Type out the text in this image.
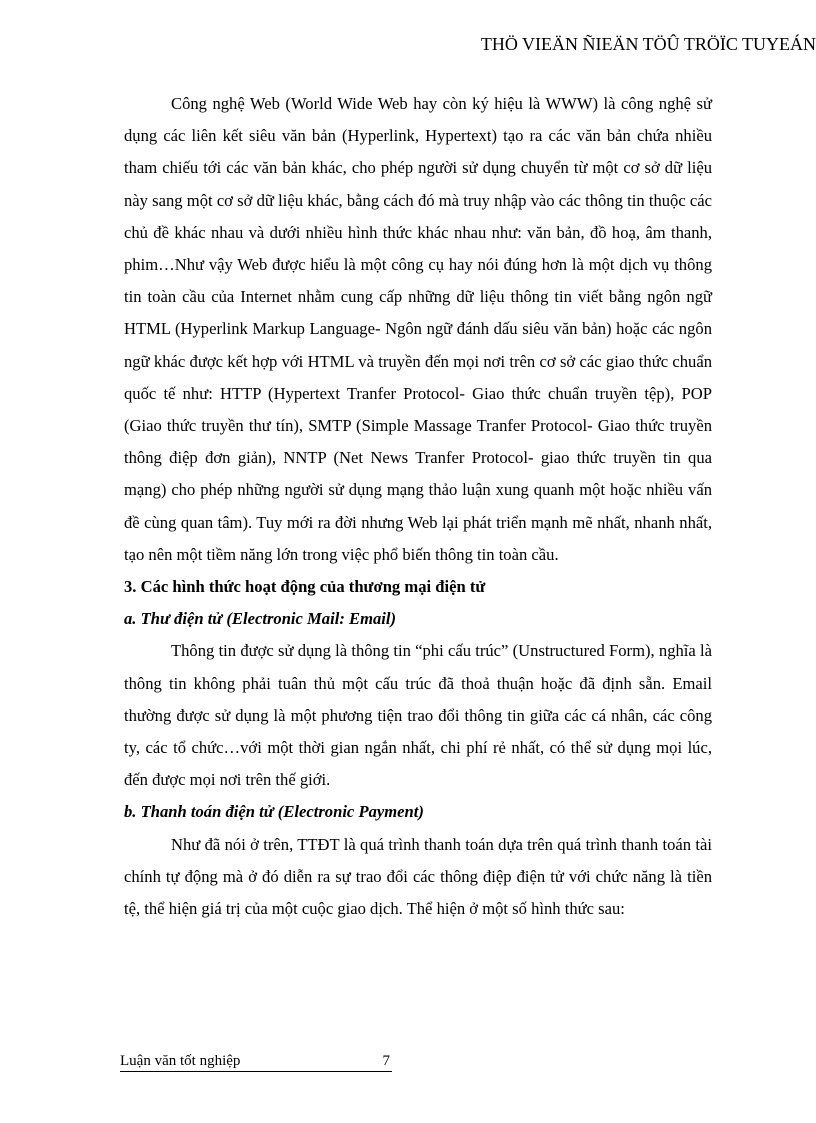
THÖ VIEÄN ÑIEÄN TÖÛ TRÖÏC TUYEÁN

Công nghệ Web (World Wide Web hay còn ký hiệu là WWW) là công nghệ sử dụng các liên kết siêu văn bản (Hyperlink, Hypertext) tạo ra các văn bản chứa nhiều tham chiếu tới các văn bản khác, cho phép người sử dụng chuyển từ một cơ sở dữ liệu này sang một cơ sở dữ liệu khác, bằng cách đó mà truy nhập vào các thông tin thuộc các chủ đề khác nhau và dưới nhiều hình thức khác nhau như: văn bản, đồ hoạ, âm thanh, phim…Như vậy Web được hiểu là một công cụ hay nói đúng hơn là một dịch vụ thông tin toàn cầu của Internet nhằm cung cấp những dữ liệu thông tin viết bằng ngôn ngữ HTML (Hyperlink Markup Language- Ngôn ngữ đánh dấu siêu văn bản) hoặc các ngôn ngữ khác được kết hợp với HTML và truyền đến mọi nơi trên cơ sở các giao thức chuẩn quốc tế như: HTTP (Hypertext Tranfer Protocol- Giao thức chuẩn truyền tệp), POP (Giao thức truyền thư tín), SMTP (Simple Massage Tranfer Protocol- Giao thức truyền thông điệp đơn giản), NNTP (Net News Tranfer Protocol- giao thức truyền tin qua mạng) cho phép những người sử dụng mạng thảo luận xung quanh một hoặc nhiều vấn đề cùng quan tâm). Tuy mới ra đời nhưng Web lại phát triển mạnh mẽ nhất, nhanh nhất, tạo nên một tiềm năng lớn trong việc phổ biến thông tin toàn cầu.

3. Các hình thức hoạt động của thương mại điện tử
a. Thư điện tử (Electronic Mail: Email)

Thông tin được sử dụng là thông tin “phi cấu trúc” (Unstructured Form), nghĩa là thông tin không phải tuân thủ một cấu trúc đã thoả thuận hoặc đã định sẵn. Email thường được sử dụng là một phương tiện trao đổi thông tin giữa các cá nhân, các công ty, các tổ chức…với một thời gian ngắn nhất, chi phí rẻ nhất, có thể sử dụng mọi lúc, đến được mọi nơi trên thế giới.

b. Thanh toán điện tử (Electronic Payment)

Như đã nói ở trên, TTĐT là quá trình thanh toán dựa trên quá trình thanh toán tài chính tự động mà ở đó diễn ra sự trao đổi các thông điệp điện tử với chức năng là tiền tệ, thể hiện giá trị của một cuộc giao dịch. Thể hiện ở một số hình thức sau:

Luận văn tốt nghiệp	7
